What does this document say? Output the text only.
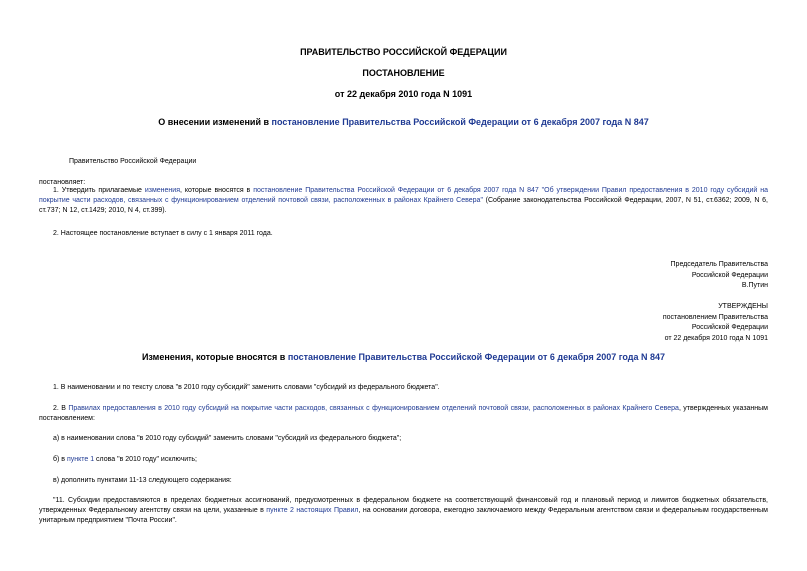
ПРАВИТЕЛЬСТВО РОССИЙСКОЙ ФЕДЕРАЦИИ
ПОСТАНОВЛЕНИЕ
от 22 декабря 2010 года N 1091
О внесении изменений в постановление Правительства Российской Федерации от 6 декабря 2007 года N 847
Правительство Российской Федерации
постановляет:
1. Утвердить прилагаемые изменения, которые вносятся в постановление Правительства Российской Федерации от 6 декабря 2007 года N 847 "Об утверждении Правил предоставления в 2010 году субсидий на покрытие части расходов, связанных с функционированием отделений почтовой связи, расположенных в районах Крайнего Севера" (Собрание законодательства Российской Федерации, 2007, N 51, ст.6362; 2009, N 6, ст.737; N 12, ст.1429; 2010, N 4, ст.399).
2. Настоящее постановление вступает в силу с 1 января 2011 года.
Председатель Правительства
Российской Федерации
В.Путин
УТВЕРЖДЕНЫ
постановлением Правительства
Российской Федерации
от 22 декабря 2010 года N 1091
Изменения, которые вносятся в постановление Правительства Российской Федерации от 6 декабря 2007 года N 847
1. В наименовании и по тексту слова "в 2010 году субсидий" заменить словами "субсидий из федерального бюджета".
2. В Правилах предоставления в 2010 году субсидий на покрытие части расходов, связанных с функционированием отделений почтовой связи, расположенных в районах Крайнего Севера, утвержденных указанным постановлением:
а) в наименовании слова "в 2010 году субсидий" заменить словами "субсидий из федерального бюджета";
б) в пункте 1 слова "в 2010 году" исключить;
в) дополнить пунктами 11-13 следующего содержания:
"11. Субсидии предоставляются в пределах бюджетных ассигнований, предусмотренных в федеральном бюджете на соответствующий финансовый год и плановый период и лимитов бюджетных обязательств, утвержденных Федеральному агентству связи на цели, указанные в пункте 2 настоящих Правил, на основании договора, ежегодно заключаемого между Федеральным агентством связи и федеральным государственным унитарным предприятием "Почта России".
